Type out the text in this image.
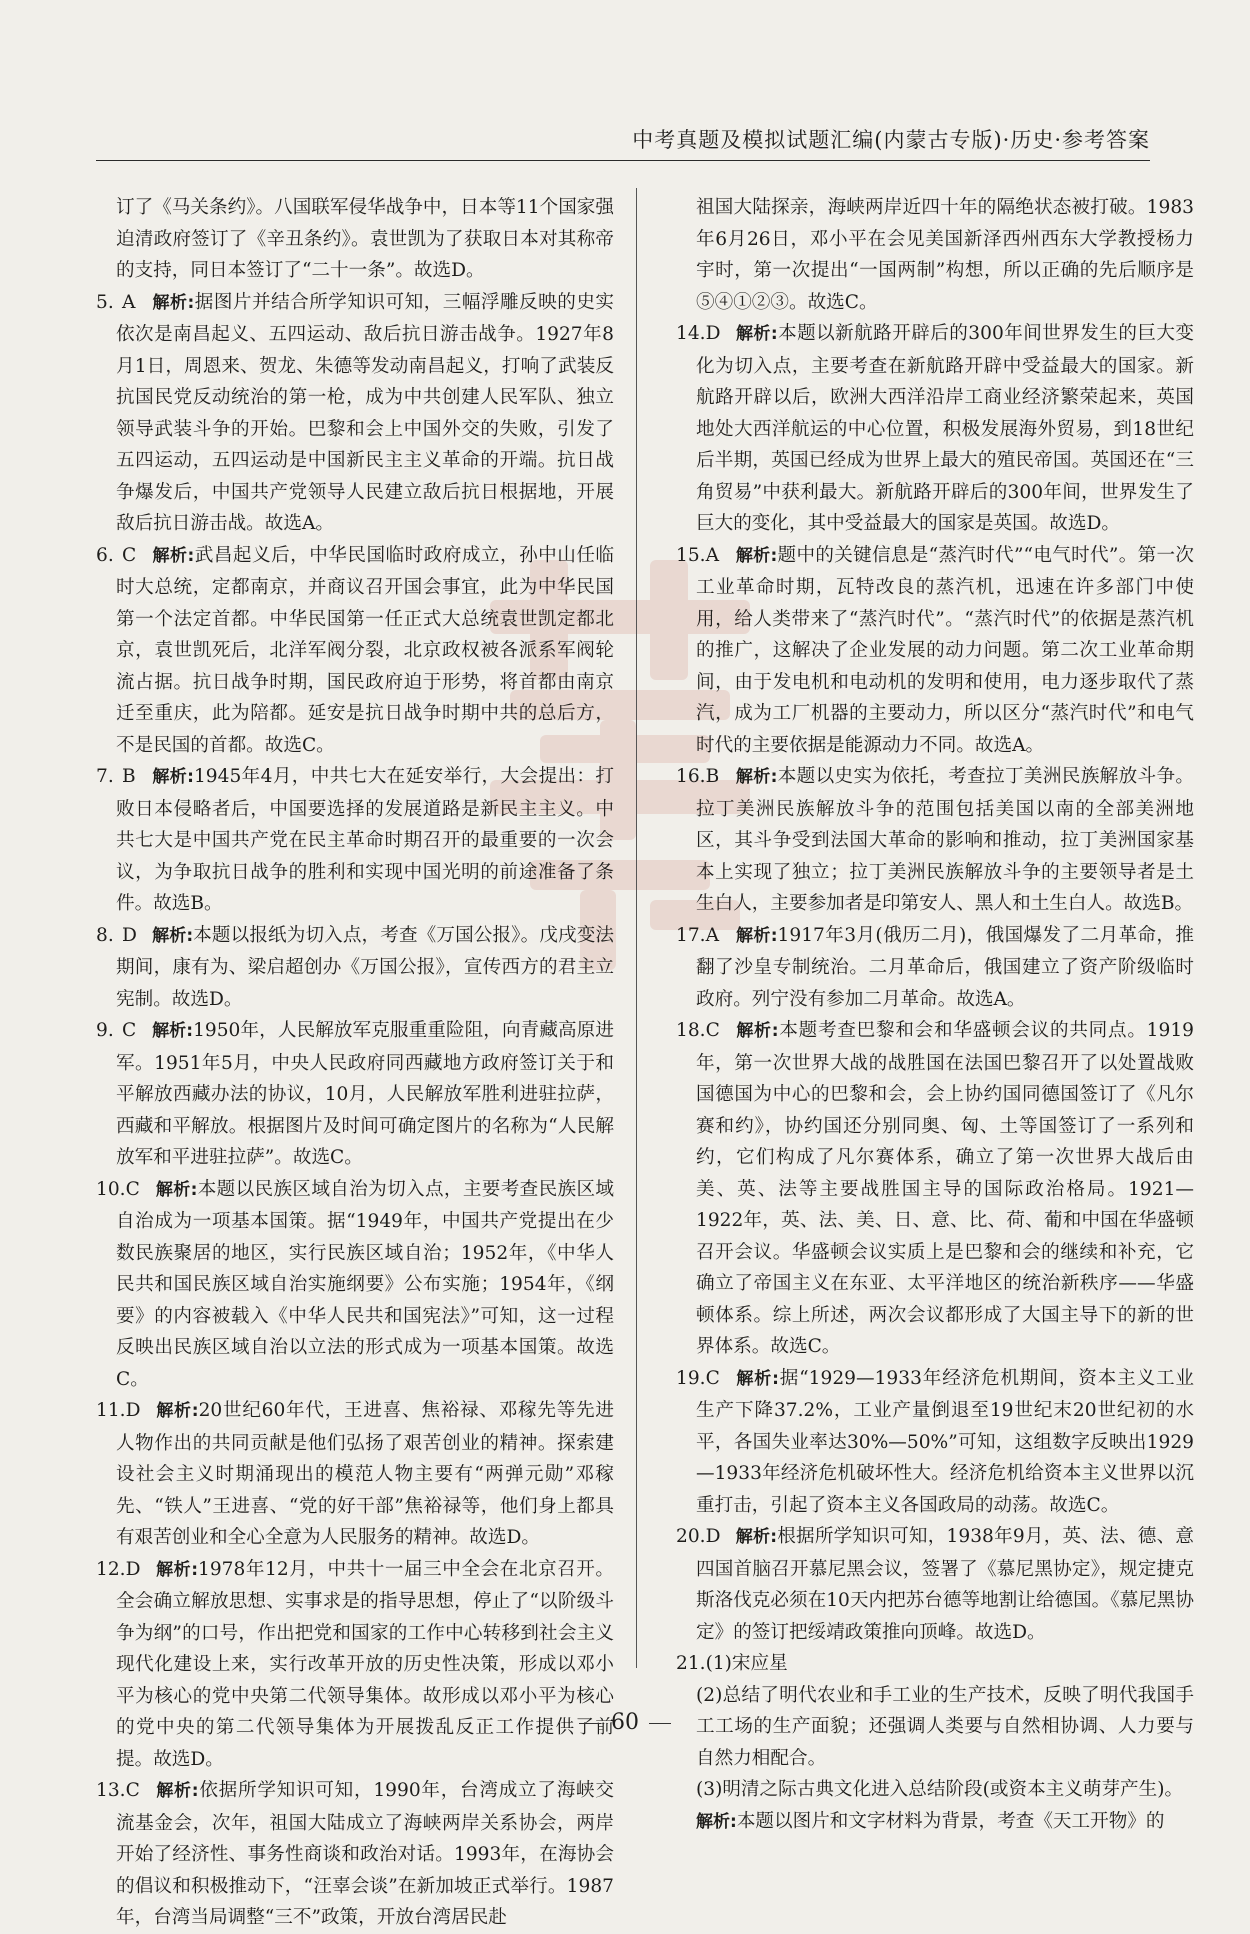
中考真题及模拟试题汇编(内蒙古专版)·历史·参考答案

订了《马关条约》。八国联军侵华战争中，日本等11个国家强迫清政府签订了《辛丑条约》。袁世凯为了获取日本对其称帝的支持，同日本签订了“二十一条”。故选D。

5. A 解析:据图片并结合所学知识可知，三幅浮雕反映的史实依次是南昌起义、五四运动、敌后抗日游击战争。1927年8月1日，周恩来、贺龙、朱德等发动南昌起义，打响了武装反抗国民党反动统治的第一枪，成为中共创建人民军队、独立领导武装斗争的开始。巴黎和会上中国外交的失败，引发了五四运动，五四运动是中国新民主主义革命的开端。抗日战争爆发后，中国共产党领导人民建立敌后抗日根据地，开展敌后抗日游击战。故选A。

6. C 解析:武昌起义后，中华民国临时政府成立，孙中山任临时大总统，定都南京，并商议召开国会事宜，此为中华民国第一个法定首都。中华民国第一任正式大总统袁世凯定都北京，袁世凯死后，北洋军阀分裂，北京政权被各派系军阀轮流占据。抗日战争时期，国民政府迫于形势，将首都由南京迁至重庆，此为陪都。延安是抗日战争时期中共的总后方，不是民国的首都。故选C。

7. B 解析:1945年4月，中共七大在延安举行，大会提出：打败日本侵略者后，中国要选择的发展道路是新民主主义。中共七大是中国共产党在民主革命时期召开的最重要的一次会议，为争取抗日战争的胜利和实现中国光明的前途准备了条件。故选B。

8. D 解析:本题以报纸为切入点，考查《万国公报》。戊戌变法期间，康有为、梁启超创办《万国公报》，宣传西方的君主立宪制。故选D。

9. C 解析:1950年，人民解放军克服重重险阻，向青藏高原进军。1951年5月，中央人民政府同西藏地方政府签订关于和平解放西藏办法的协议，10月，人民解放军胜利进驻拉萨，西藏和平解放。根据图片及时间可确定图片的名称为“人民解放军和平进驻拉萨”。故选C。

10.C 解析:本题以民族区域自治为切入点，主要考查民族区域自治成为一项基本国策。据“1949年，中国共产党提出在少数民族聚居的地区，实行民族区域自治；1952年，《中华人民共和国民族区域自治实施纲要》公布实施；1954年，《纲要》的内容被载入《中华人民共和国宪法》”可知，这一过程反映出民族区域自治以立法的形式成为一项基本国策。故选C。

11.D 解析:20世纪60年代，王进喜、焦裕禄、邓稼先等先进人物作出的共同贡献是他们弘扬了艰苦创业的精神。探索建设社会主义时期涌现出的模范人物主要有“两弹元勋”邓稼先、“铁人”王进喜、“党的好干部”焦裕禄等，他们身上都具有艰苦创业和全心全意为人民服务的精神。故选D。

12.D 解析:1978年12月，中共十一届三中全会在北京召开。全会确立解放思想、实事求是的指导思想，停止了“以阶级斗争为纲”的口号，作出把党和国家的工作中心转移到社会主义现代化建设上来，实行改革开放的历史性决策，形成以邓小平为核心的党中央第二代领导集体。故形成以邓小平为核心的党中央的第二代领导集体为开展拨乱反正工作提供了前提。故选D。

13.C 解析:依据所学知识可知，1990年，台湾成立了海峡交流基金会，次年，祖国大陆成立了海峡两岸关系协会，两岸开始了经济性、事务性商谈和政治对话。1993年，在海协会的倡议和积极推动下，“汪辜会谈”在新加坡正式举行。1987年，台湾当局调整“三不”政策，开放台湾居民赴

祖国大陆探亲，海峡两岸近四十年的隔绝状态被打破。1983年6月26日，邓小平在会见美国新泽西州西东大学教授杨力宇时，第一次提出“一国两制”构想，所以正确的先后顺序是⑤④①②③。故选C。

14.D 解析:本题以新航路开辟后的300年间世界发生的巨大变化为切入点，主要考查在新航路开辟中受益最大的国家。新航路开辟以后，欧洲大西洋沿岸工商业经济繁荣起来，英国地处大西洋航运的中心位置，积极发展海外贸易，到18世纪后半期，英国已经成为世界上最大的殖民帝国。英国还在“三角贸易”中获利最大。新航路开辟后的300年间，世界发生了巨大的变化，其中受益最大的国家是英国。故选D。

15.A 解析:题中的关键信息是“蒸汽时代”“电气时代”。第一次工业革命时期，瓦特改良的蒸汽机，迅速在许多部门中使用，给人类带来了“蒸汽时代”。“蒸汽时代”的依据是蒸汽机的推广，这解决了企业发展的动力问题。第二次工业革命期间，由于发电机和电动机的发明和使用，电力逐步取代了蒸汽，成为工厂机器的主要动力，所以区分“蒸汽时代”和电气时代的主要依据是能源动力不同。故选A。

16.B 解析:本题以史实为依托，考查拉丁美洲民族解放斗争。拉丁美洲民族解放斗争的范围包括美国以南的全部美洲地区，其斗争受到法国大革命的影响和推动，拉丁美洲国家基本上实现了独立；拉丁美洲民族解放斗争的主要领导者是土生白人，主要参加者是印第安人、黑人和土生白人。故选B。

17.A 解析:1917年3月(俄历二月)，俄国爆发了二月革命，推翻了沙皇专制统治。二月革命后，俄国建立了资产阶级临时政府。列宁没有参加二月革命。故选A。

18.C 解析:本题考查巴黎和会和华盛顿会议的共同点。1919年，第一次世界大战的战胜国在法国巴黎召开了以处置战败国德国为中心的巴黎和会，会上协约国同德国签订了《凡尔赛和约》，协约国还分别同奥、匈、土等国签订了一系列和约，它们构成了凡尔赛体系，确立了第一次世界大战后由美、英、法等主要战胜国主导的国际政治格局。1921—1922年，英、法、美、日、意、比、荷、葡和中国在华盛顿召开会议。华盛顿会议实质上是巴黎和会的继续和补充，它确立了帝国主义在东亚、太平洋地区的统治新秩序——华盛顿体系。综上所述，两次会议都形成了大国主导下的新的世界体系。故选C。

19.C 解析:据“1929—1933年经济危机期间，资本主义工业生产下降37.2%，工业产量倒退至19世纪末20世纪初的水平，各国失业率达30%—50%”可知，这组数字反映出1929—1933年经济危机破坏性大。经济危机给资本主义世界以沉重打击，引起了资本主义各国政局的动荡。故选C。

20.D 解析:根据所学知识可知，1938年9月，英、法、德、意四国首脑召开慕尼黑会议，签署了《慕尼黑协定》，规定捷克斯洛伐克必须在10天内把苏台德等地割让给德国。《慕尼黑协定》的签订把绥靖政策推向顶峰。故选D。

21.(1)宋应星

(2)总结了明代农业和手工业的生产技术，反映了明代我国手工工场的生产面貌；还强调人类要与自然相协调、人力要与自然力相配合。

(3)明清之际古典文化进入总结阶段(或资本主义萌芽产生)。

解析:本题以图片和文字材料为背景，考查《天工开物》的

60
